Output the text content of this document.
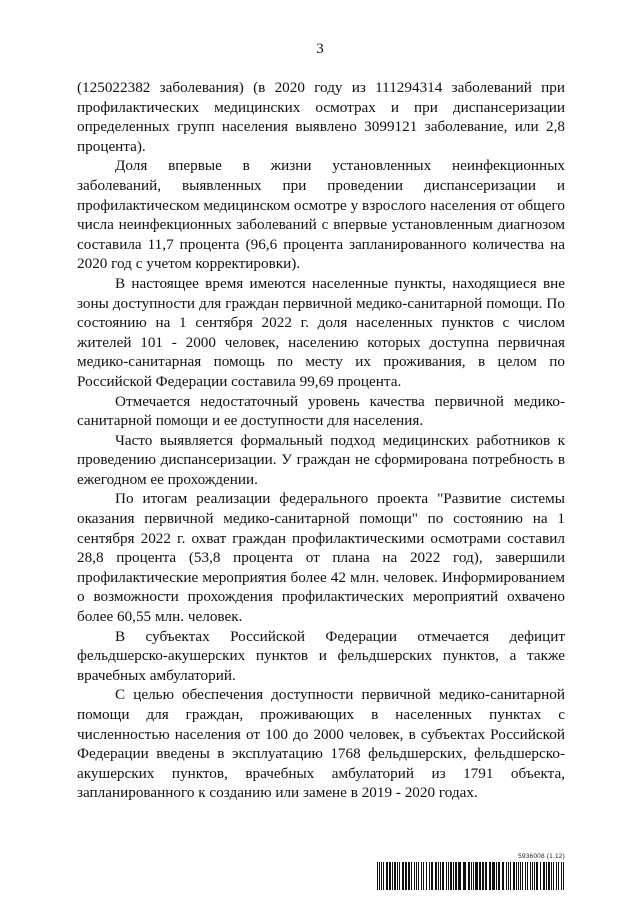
3

(125022382 заболевания) (в 2020 году из 111294314 заболеваний при профилактических медицинских осмотрах и при диспансеризации определенных групп населения выявлено 3099121 заболевание, или 2,8 процента).

Доля впервые в жизни установленных неинфекционных заболеваний, выявленных при проведении диспансеризации и профилактическом медицинском осмотре у взрослого населения от общего числа неинфекционных заболеваний с впервые установленным диагнозом составила 11,7 процента (96,6 процента запланированного количества на 2020 год с учетом корректировки).

В настоящее время имеются населенные пункты, находящиеся вне зоны доступности для граждан первичной медико-санитарной помощи. По состоянию на 1 сентября 2022 г. доля населенных пунктов с числом жителей 101 - 2000 человек, населению которых доступна первичная медико-санитарная помощь по месту их проживания, в целом по Российской Федерации составила 99,69 процента.

Отмечается недостаточный уровень качества первичной медико-санитарной помощи и ее доступности для населения.

Часто выявляется формальный подход медицинских работников к проведению диспансеризации. У граждан не сформирована потребность в ежегодном ее прохождении.

По итогам реализации федерального проекта "Развитие системы оказания первичной медико-санитарной помощи" по состоянию на 1 сентября 2022 г. охват граждан профилактическими осмотрами составил 28,8 процента (53,8 процента от плана на 2022 год), завершили профилактические мероприятия более 42 млн. человек. Информированием о возможности прохождения профилактических мероприятий охвачено более 60,55 млн. человек.

В субъектах Российской Федерации отмечается дефицит фельдшерско-акушерских пунктов и фельдшерских пунктов, а также врачебных амбулаторий.

С целью обеспечения доступности первичной медико-санитарной помощи для граждан, проживающих в населенных пунктах с численностью населения от 100 до 2000 человек, в субъектах Российской Федерации введены в эксплуатацию 1768 фельдшерских, фельдшерско-акушерских пунктов, врачебных амбулаторий из 1791 объекта, запланированного к созданию или замене в 2019 - 2020 годах.

5936008 (1.12)
